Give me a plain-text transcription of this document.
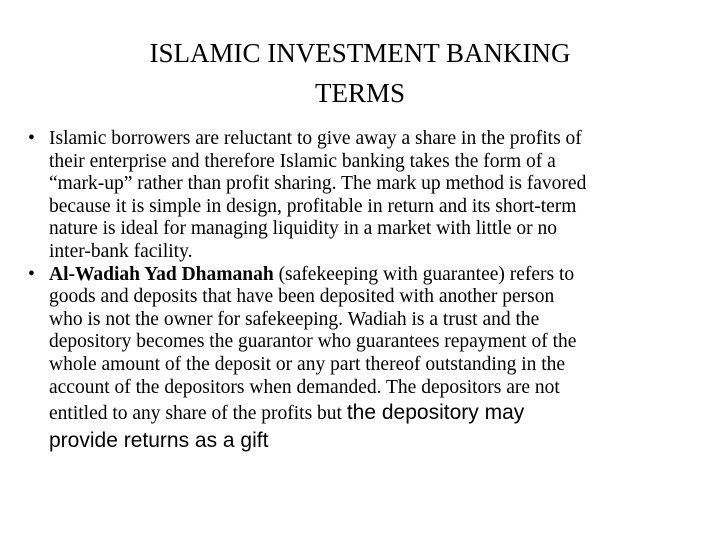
ISLAMIC INVESTMENT BANKING
TERMS
• Islamic borrowers are reluctant to give away a share in the profits of
their enterprise and therefore Islamic banking takes the form of a
“mark-up” rather than profit sharing. The mark up method is favored
because it is simple in design, profitable in return and its short-term
nature is ideal for managing liquidity in a market with little or no
inter-bank facility.
• Al-Wadiah Yad Dhamanah (safekeeping with guarantee) refers to
goods and deposits that have been deposited with another person
who is not the owner for safekeeping. Wadiah is a trust and the
depository becomes the guarantor who guarantees repayment of the
whole amount of the deposit or any part thereof outstanding in the
account of the depositors when demanded. The depositors are not
entitled to any share of the profits but the depository may
provide returns as a gift
